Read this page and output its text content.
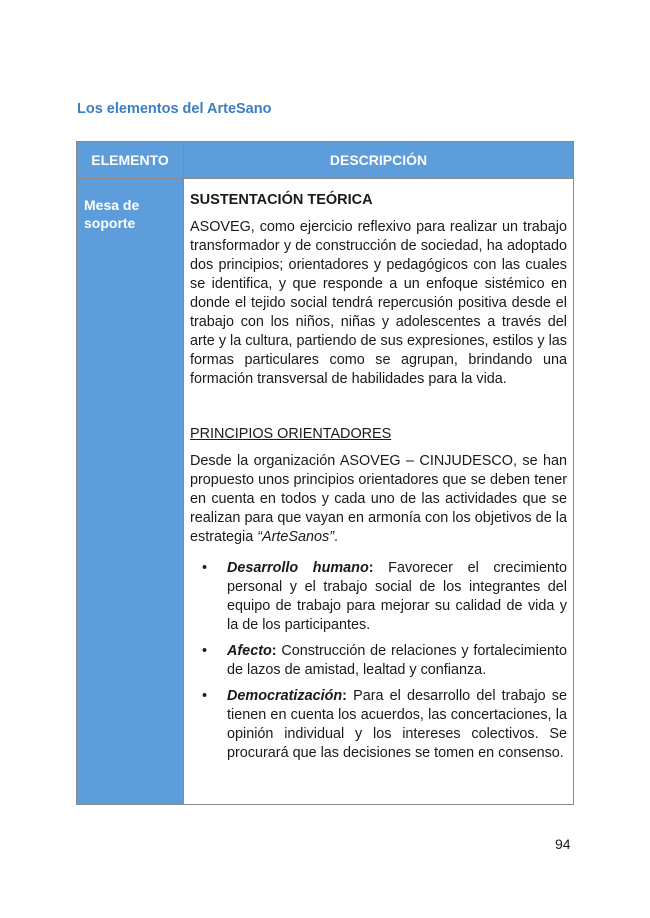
Los elementos del ArteSano
ELEMENTO	DESCRIPCIÓN
Mesa de soporte

SUSTENTACIÓN TEÓRICA

ASOVEG, como ejercicio reflexivo para realizar un trabajo transformador y de construcción de sociedad, ha adoptado dos principios; orientadores y pedagógicos con las cuales se identifica, y que responde a un enfoque sistémico en donde el tejido social tendrá repercusión positiva desde el trabajo con los niños, niñas y adolescentes a través del arte y la cultura, partiendo de sus expresiones, estilos y las formas particulares como se agrupan, brindando una formación transversal de habilidades para la vida.

PRINCIPIOS ORIENTADORES

Desde la organización ASOVEG – CINJUDESCO, se han propuesto unos principios orientadores que se deben tener en cuenta en todos y cada uno de las actividades que se realizan para que vayan en armonía con los objetivos de la estrategia “ArteSanos”.

• Desarrollo humano: Favorecer el crecimiento personal y el trabajo social de los integrantes del equipo de trabajo para mejorar su calidad de vida y la de los participantes.
• Afecto: Construcción de relaciones y fortalecimiento de lazos de amistad, lealtad y confianza.
• Democratización: Para el desarrollo del trabajo se tienen en cuenta los acuerdos, las concertaciones, la opinión individual y los intereses colectivos. Se procurará que las decisiones se tomen en consenso.
94
